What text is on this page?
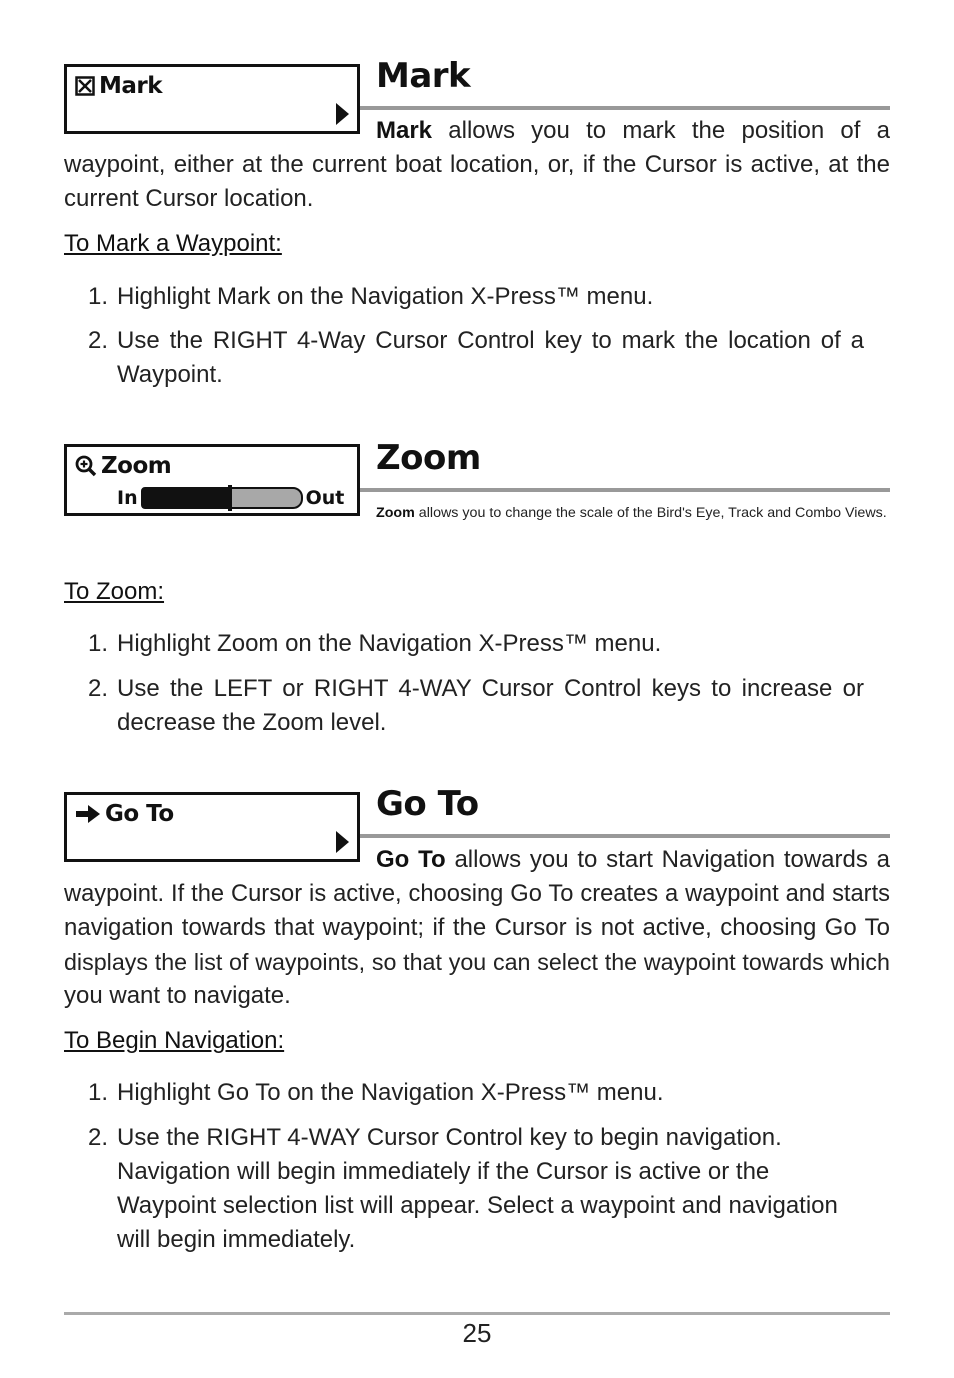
Mark	Mark
Mark allows you to mark the position of a
waypoint, either at the current boat location, or, if the Cursor is active, at the
current Cursor location.
To Mark a Waypoint:
1. Highlight Mark on the Navigation X-Press™ menu.
2. Use the RIGHT 4-Way Cursor Control key to mark the location of a Waypoint.
Zoom
In	Out
Zoom
Zoom allows you to change the scale of the Bird's Eye, Track and Combo Views.
To Zoom:
1. Highlight Zoom on the Navigation X-Press™ menu.
2. Use the LEFT or RIGHT 4-WAY Cursor Control keys to increase or decrease the Zoom level.
Go To	Go To
Go To allows you to start Navigation towards a
waypoint. If the Cursor is active, choosing Go To creates a waypoint and starts
navigation towards that waypoint; if the Cursor is not active, choosing Go To
displays the list of waypoints, so that you can select the waypoint towards which
you want to navigate.
To Begin Navigation:
1. Highlight Go To on the Navigation X-Press™ menu.
2. Use the RIGHT 4-WAY Cursor Control key to begin navigation. Navigation will begin immediately if the Cursor is active or the Waypoint selection list will appear. Select a waypoint and navigation will begin immediately.
25
